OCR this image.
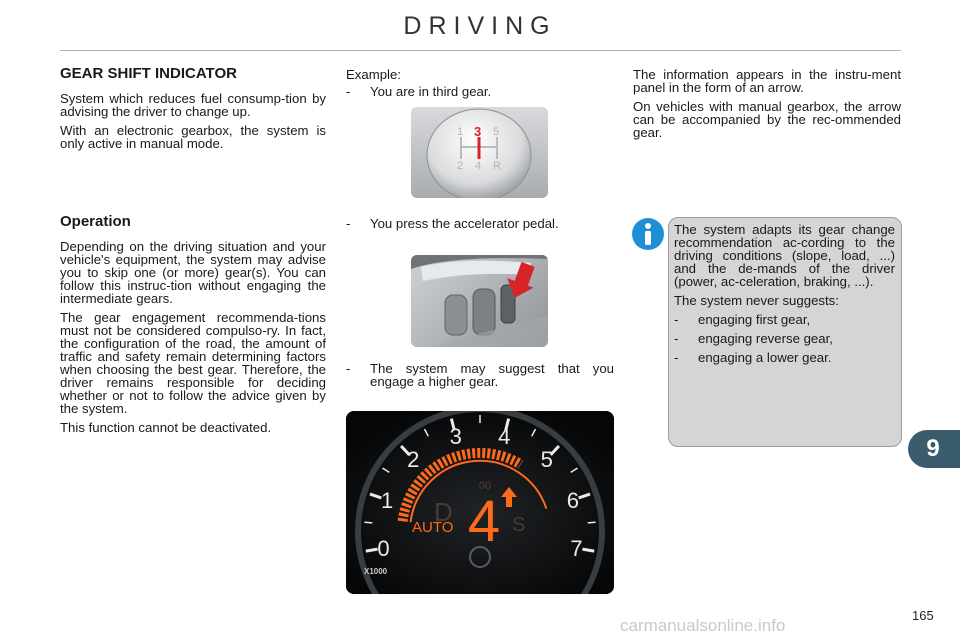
DRIVING
GEAR SHIFT INDICATOR

System which reduces fuel consump-tion by advising the driver to change up.

With an electronic gearbox, the system is only active in manual mode.

Operation

Depending on the driving situation and your vehicle's equipment, the system may advise you to skip one (or more) gear(s). You can follow this instruc-tion without engaging the intermediate gears.

The gear engagement recommenda-tions must not be considered compulso-ry. In fact, the configuration of the road, the amount of traffic and safety remain determining factors when choosing the best gear. Therefore, the driver remains responsible for deciding whether or not to follow the advice given by the system.

This function cannot be deactivated.

Example:

-	You are in third gear.
1 3 5
2 4 R
-	You press the accelerator pedal.
-	The system may suggest that you engage a higher gear.
0
1
2
3 4
5
6
7
00
D 4 S
AUTO
X1000

The information appears in the instru-ment panel in the form of an arrow.

On vehicles with manual gearbox, the arrow can be accompanied by the rec-ommended gear.

The system adapts its gear change recommendation ac-cording to the driving conditions (slope, load, ...) and the de-mands of the driver (power, ac-celeration, braking, ...).

The system never suggests:

-	engaging first gear,
-	engaging reverse gear,
-	engaging a lower gear.
9
165
carmanualsonline.info
